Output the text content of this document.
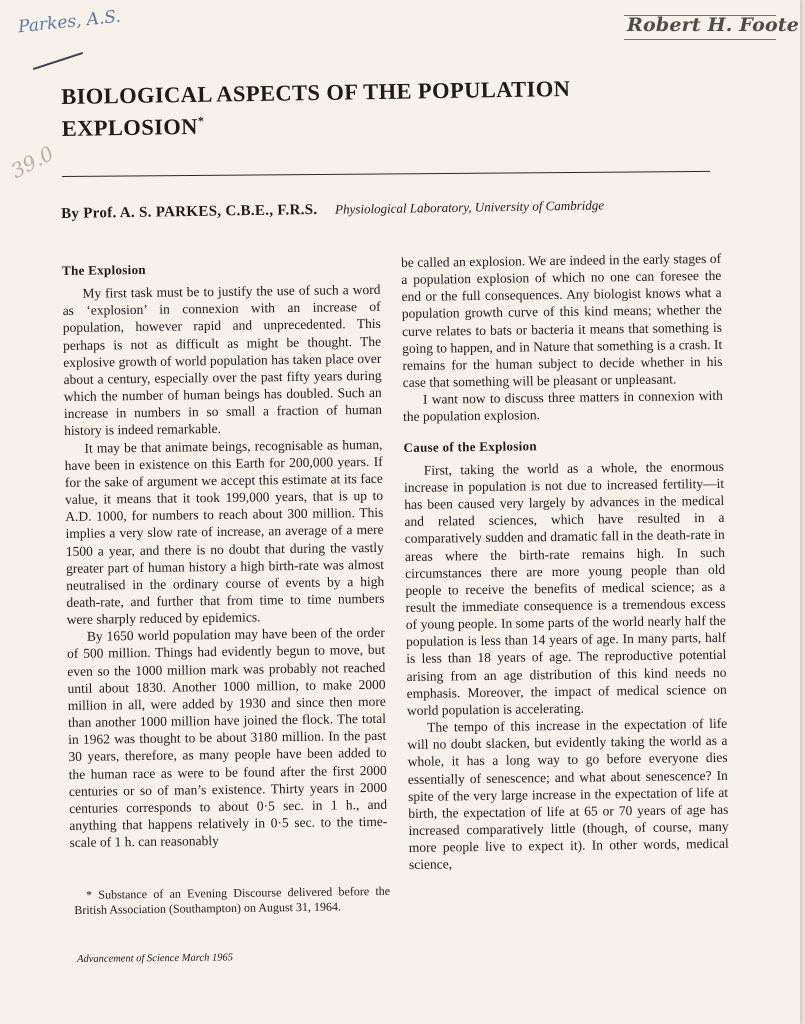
Parkes, A.S.
39.0
Robert H. Foote
BIOLOGICAL ASPECTS OF THE POPULATION EXPLOSION*
By Prof. A. S. PARKES, C.B.E., F.R.S. Physiological Laboratory, University of Cambridge
The Explosion

My first task must be to justify the use of such a word as ‘explosion’ in connexion with an increase of population, however rapid and unprecedented. This perhaps is not as difficult as might be thought. The explosive growth of world population has taken place over about a century, especially over the past fifty years during which the number of human beings has doubled. Such an increase in numbers in so small a fraction of human history is indeed remarkable.

It may be that animate beings, recognisable as human, have been in existence on this Earth for 200,000 years. If for the sake of argument we accept this estimate at its face value, it means that it took 199,000 years, that is up to A.D. 1000, for numbers to reach about 300 million. This implies a very slow rate of increase, an average of a mere 1500 a year, and there is no doubt that during the vastly greater part of human history a high birth-rate was almost neutralised in the ordinary course of events by a high death-rate, and further that from time to time numbers were sharply reduced by epidemics.

By 1650 world population may have been of the order of 500 million. Things had evidently begun to move, but even so the 1000 million mark was probably not reached until about 1830. Another 1000 million, to make 2000 million in all, were added by 1930 and since then more than another 1000 million have joined the flock. The total in 1962 was thought to be about 3180 million. In the past 30 years, therefore, as many people have been added to the human race as were to be found after the first 2000 centuries or so of man’s existence. Thirty years in 2000 centuries corresponds to about 0·5 sec. in 1 h., and anything that happens relatively in 0·5 sec. to the time-scale of 1 h. can reasonably

* Substance of an Evening Discourse delivered before the British Association (Southampton) on August 31, 1964.

be called an explosion. We are indeed in the early stages of a population explosion of which no one can foresee the end or the full consequences. Any biologist knows what a population growth curve of this kind means; whether the curve relates to bats or bacteria it means that something is going to happen, and in Nature that something is a crash. It remains for the human subject to decide whether in his case that something will be pleasant or unpleasant.

I want now to discuss three matters in connexion with the population explosion.

Cause of the Explosion

First, taking the world as a whole, the enormous increase in population is not due to increased fertility—it has been caused very largely by advances in the medical and related sciences, which have resulted in a comparatively sudden and dramatic fall in the death-rate in areas where the birth-rate remains high. In such circumstances there are more young people than old people to receive the benefits of medical science; as a result the immediate consequence is a tremendous excess of young people. In some parts of the world nearly half the population is less than 14 years of age. In many parts, half is less than 18 years of age. The reproductive potential arising from an age distribution of this kind needs no emphasis. Moreover, the impact of medical science on world population is accelerating.

The tempo of this increase in the expectation of life will no doubt slacken, but evidently taking the world as a whole, it has a long way to go before everyone dies essentially of senescence; and what about senescence? In spite of the very large increase in the expectation of life at birth, the expectation of life at 65 or 70 years of age has increased comparatively little (though, of course, many more people live to expect it). In other words, medical science,

Advancement of Science March 1965
